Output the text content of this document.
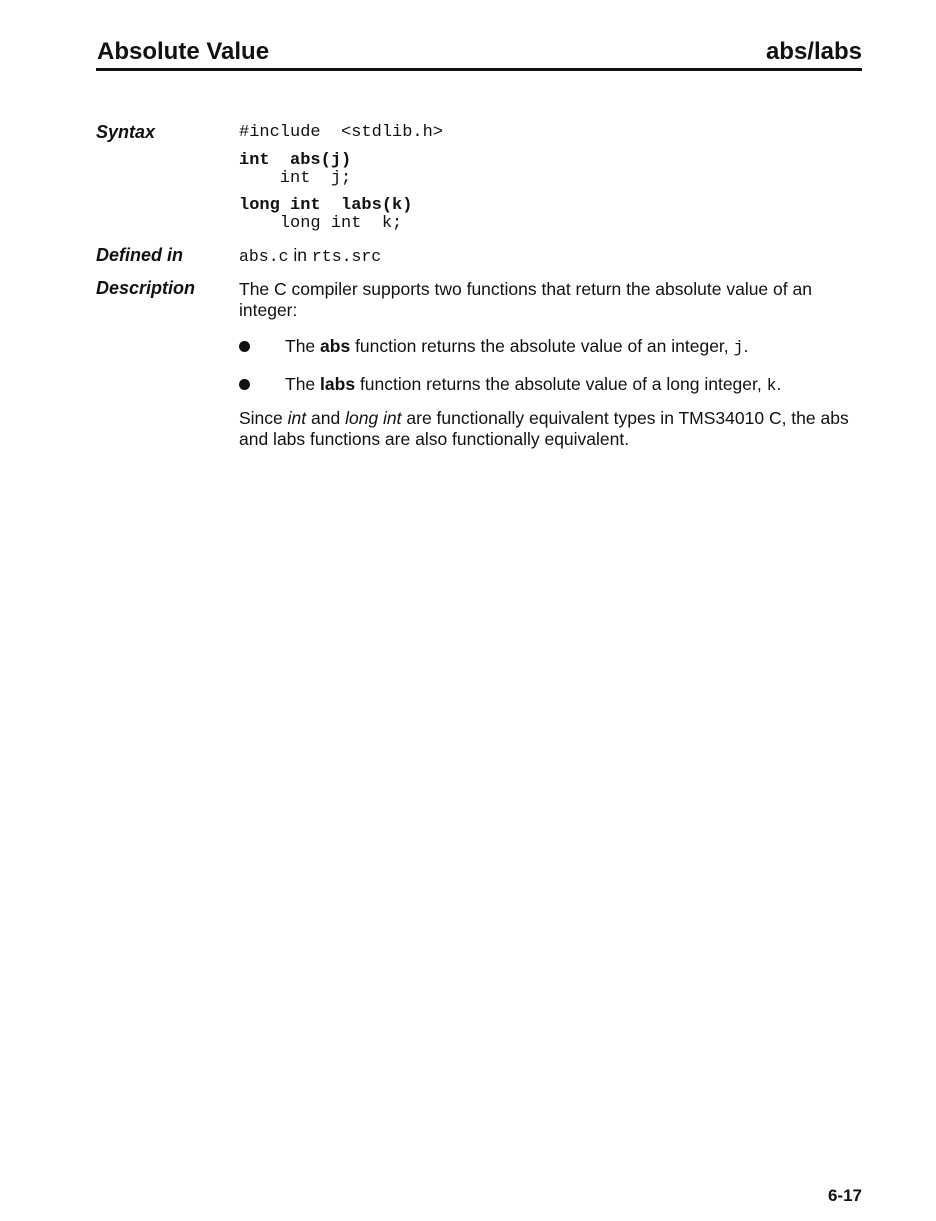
Absolute Value	abs/labs
Syntax	#include  <stdlib.h>
int abs(j)
int  j;
long int labs(k)
long int  k;
Defined in	abs.c in rts.src
Description	The C compiler supports two functions that return the absolute value of an integer:
The abs function returns the absolute value of an integer, j.
The labs function returns the absolute value of a long integer, k.
Since int and long int are functionally equivalent types in TMS34010 C, the abs and labs functions are also functionally equivalent.
6-17
